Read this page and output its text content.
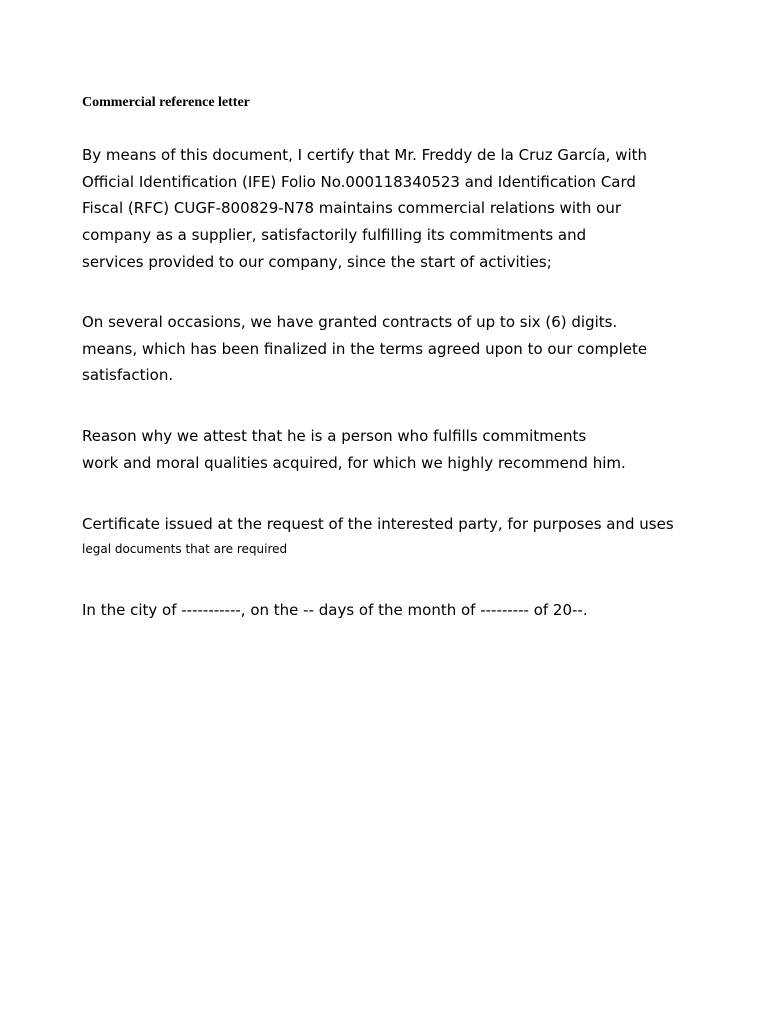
Commercial reference letter
By means of this document, I certify that Mr. Freddy de la Cruz García, with
Official Identification (IFE) Folio No.000118340523 and Identification Card
Fiscal (RFC) CUGF-800829-N78 maintains commercial relations with our
company as a supplier, satisfactorily fulfilling its commitments and
services provided to our company, since the start of activities;
On several occasions, we have granted contracts of up to six (6) digits.
means, which has been finalized in the terms agreed upon to our complete
satisfaction.
Reason why we attest that he is a person who fulfills commitments
work and moral qualities acquired, for which we highly recommend him.
Certificate issued at the request of the interested party, for purposes and uses
legal documents that are required
In the city of -----------, on the -- days of the month of --------- of 20--.
